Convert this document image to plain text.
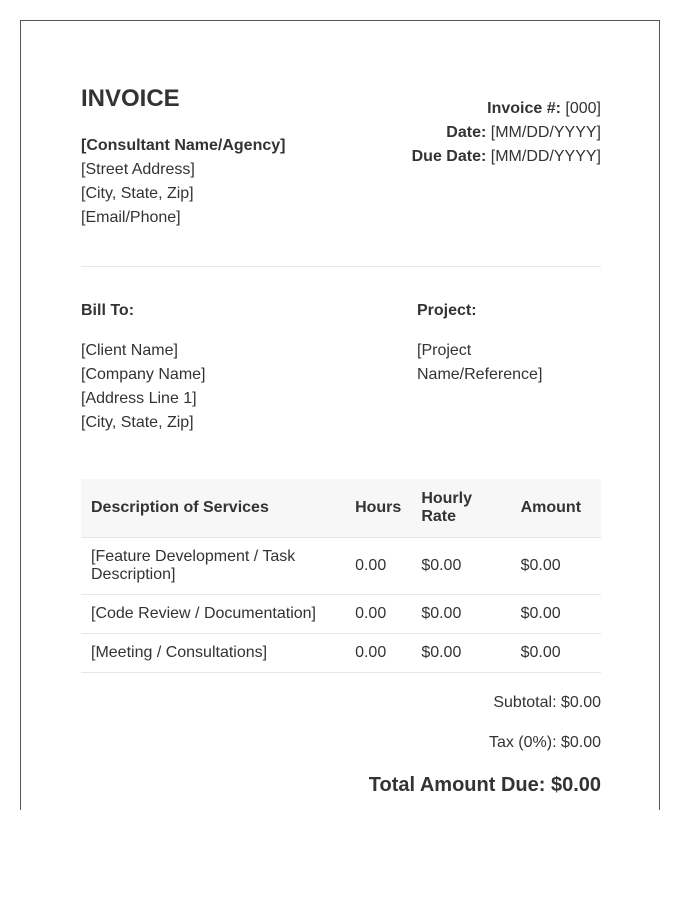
INVOICE
[Consultant Name/Agency]
[Street Address]
[City, State, Zip]
[Email/Phone]
Invoice #: [000]
Date: [MM/DD/YYYY]
Due Date: [MM/DD/YYYY]
Bill To:
[Client Name]
[Company Name]
[Address Line 1]
[City, State, Zip]
Project:
[Project Name/Reference]
Description of Services	Hours	Hourly Rate	Amount
[Feature Development / Task Description]	0.00	$0.00	$0.00
[Code Review / Documentation]	0.00	$0.00	$0.00
[Meeting / Consultations]	0.00	$0.00	$0.00
Subtotal: $0.00
Tax (0%): $0.00
Total Amount Due: $0.00
